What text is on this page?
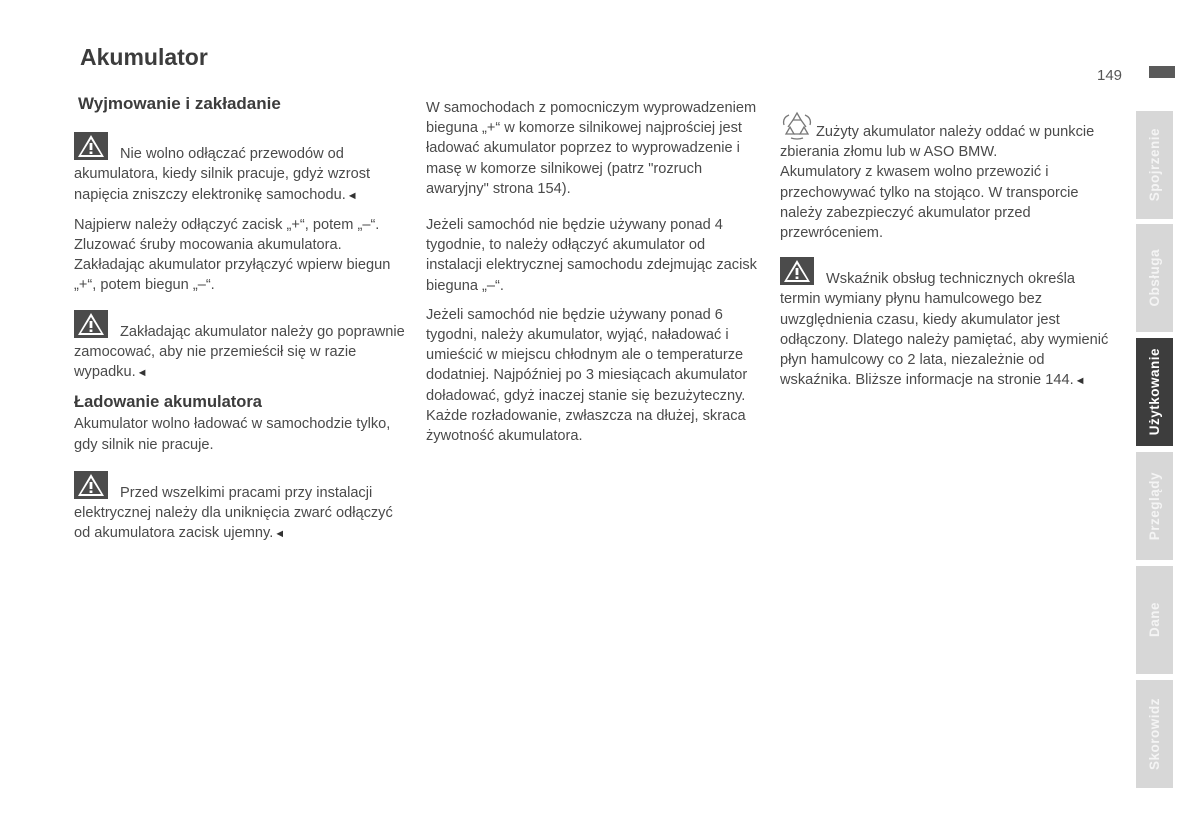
Akumulator
149
Wyjmowanie i zakładanie

Nie wolno odłączać przewodów od akumulatora, kiedy silnik pracuje, gdyż wzrost napięcia zniszczy elektronikę samochodu.◄

Najpierw należy odłączyć zacisk „+“, potem „–“. Zluzować śruby mocowania akumulatora. Zakładając akumulator przyłączyć wpierw biegun „+“, potem biegun „–“.

Zakładając akumulator należy go poprawnie zamocować, aby nie przemieścił się w razie wypadku.◄

Ładowanie akumulatora

Akumulator wolno ładować w samochodzie tylko, gdy silnik nie pracuje.

Przed wszelkimi pracami przy instalacji elektrycznej należy dla uniknięcia zwarć odłączyć od akumulatora zacisk ujemny.◄

W samochodach z pomocniczym wyprowadzeniem bieguna „+“ w komorze silnikowej najprościej jest ładować akumulator poprzez to wyprowadzenie i masę w komorze silnikowej (patrz "rozruch awaryjny" strona 154).

Jeżeli samochód nie będzie używany ponad 4 tygodnie, to należy odłączyć akumulator od instalacji elektrycznej samochodu zdejmując zacisk bieguna „–“.

Jeżeli samochód nie będzie używany ponad 6 tygodni, należy akumulator, wyjąć, naładować i umieścić w miejscu chłodnym ale o temperaturze dodatniej. Najpóźniej po 3 miesiącach akumulator doładować, gdyż inaczej stanie się bezużyteczny. Każde rozładowanie, zwłaszcza na dłużej, skraca żywotność akumulatora.

Zużyty akumulator należy oddać w punkcie zbierania złomu lub w ASO BMW.

Akumulatory z kwasem wolno przewozić i przechowywać tylko na stojąco. W transporcie należy zabezpieczyć akumulator przed przewróceniem.

Wskaźnik obsług technicznych określa termin wymiany płynu hamulcowego bez uwzględnienia czasu, kiedy akumulator jest odłączony. Dlatego należy pamiętać, aby wymienić płyn hamulcowy co 2 lata, niezależnie od wskaźnika. Bliższe informacje na stronie 144.◄

Spojrzenie
Obsługa
Użytkowanie
Przeglądy
Dane
Skorowidz
